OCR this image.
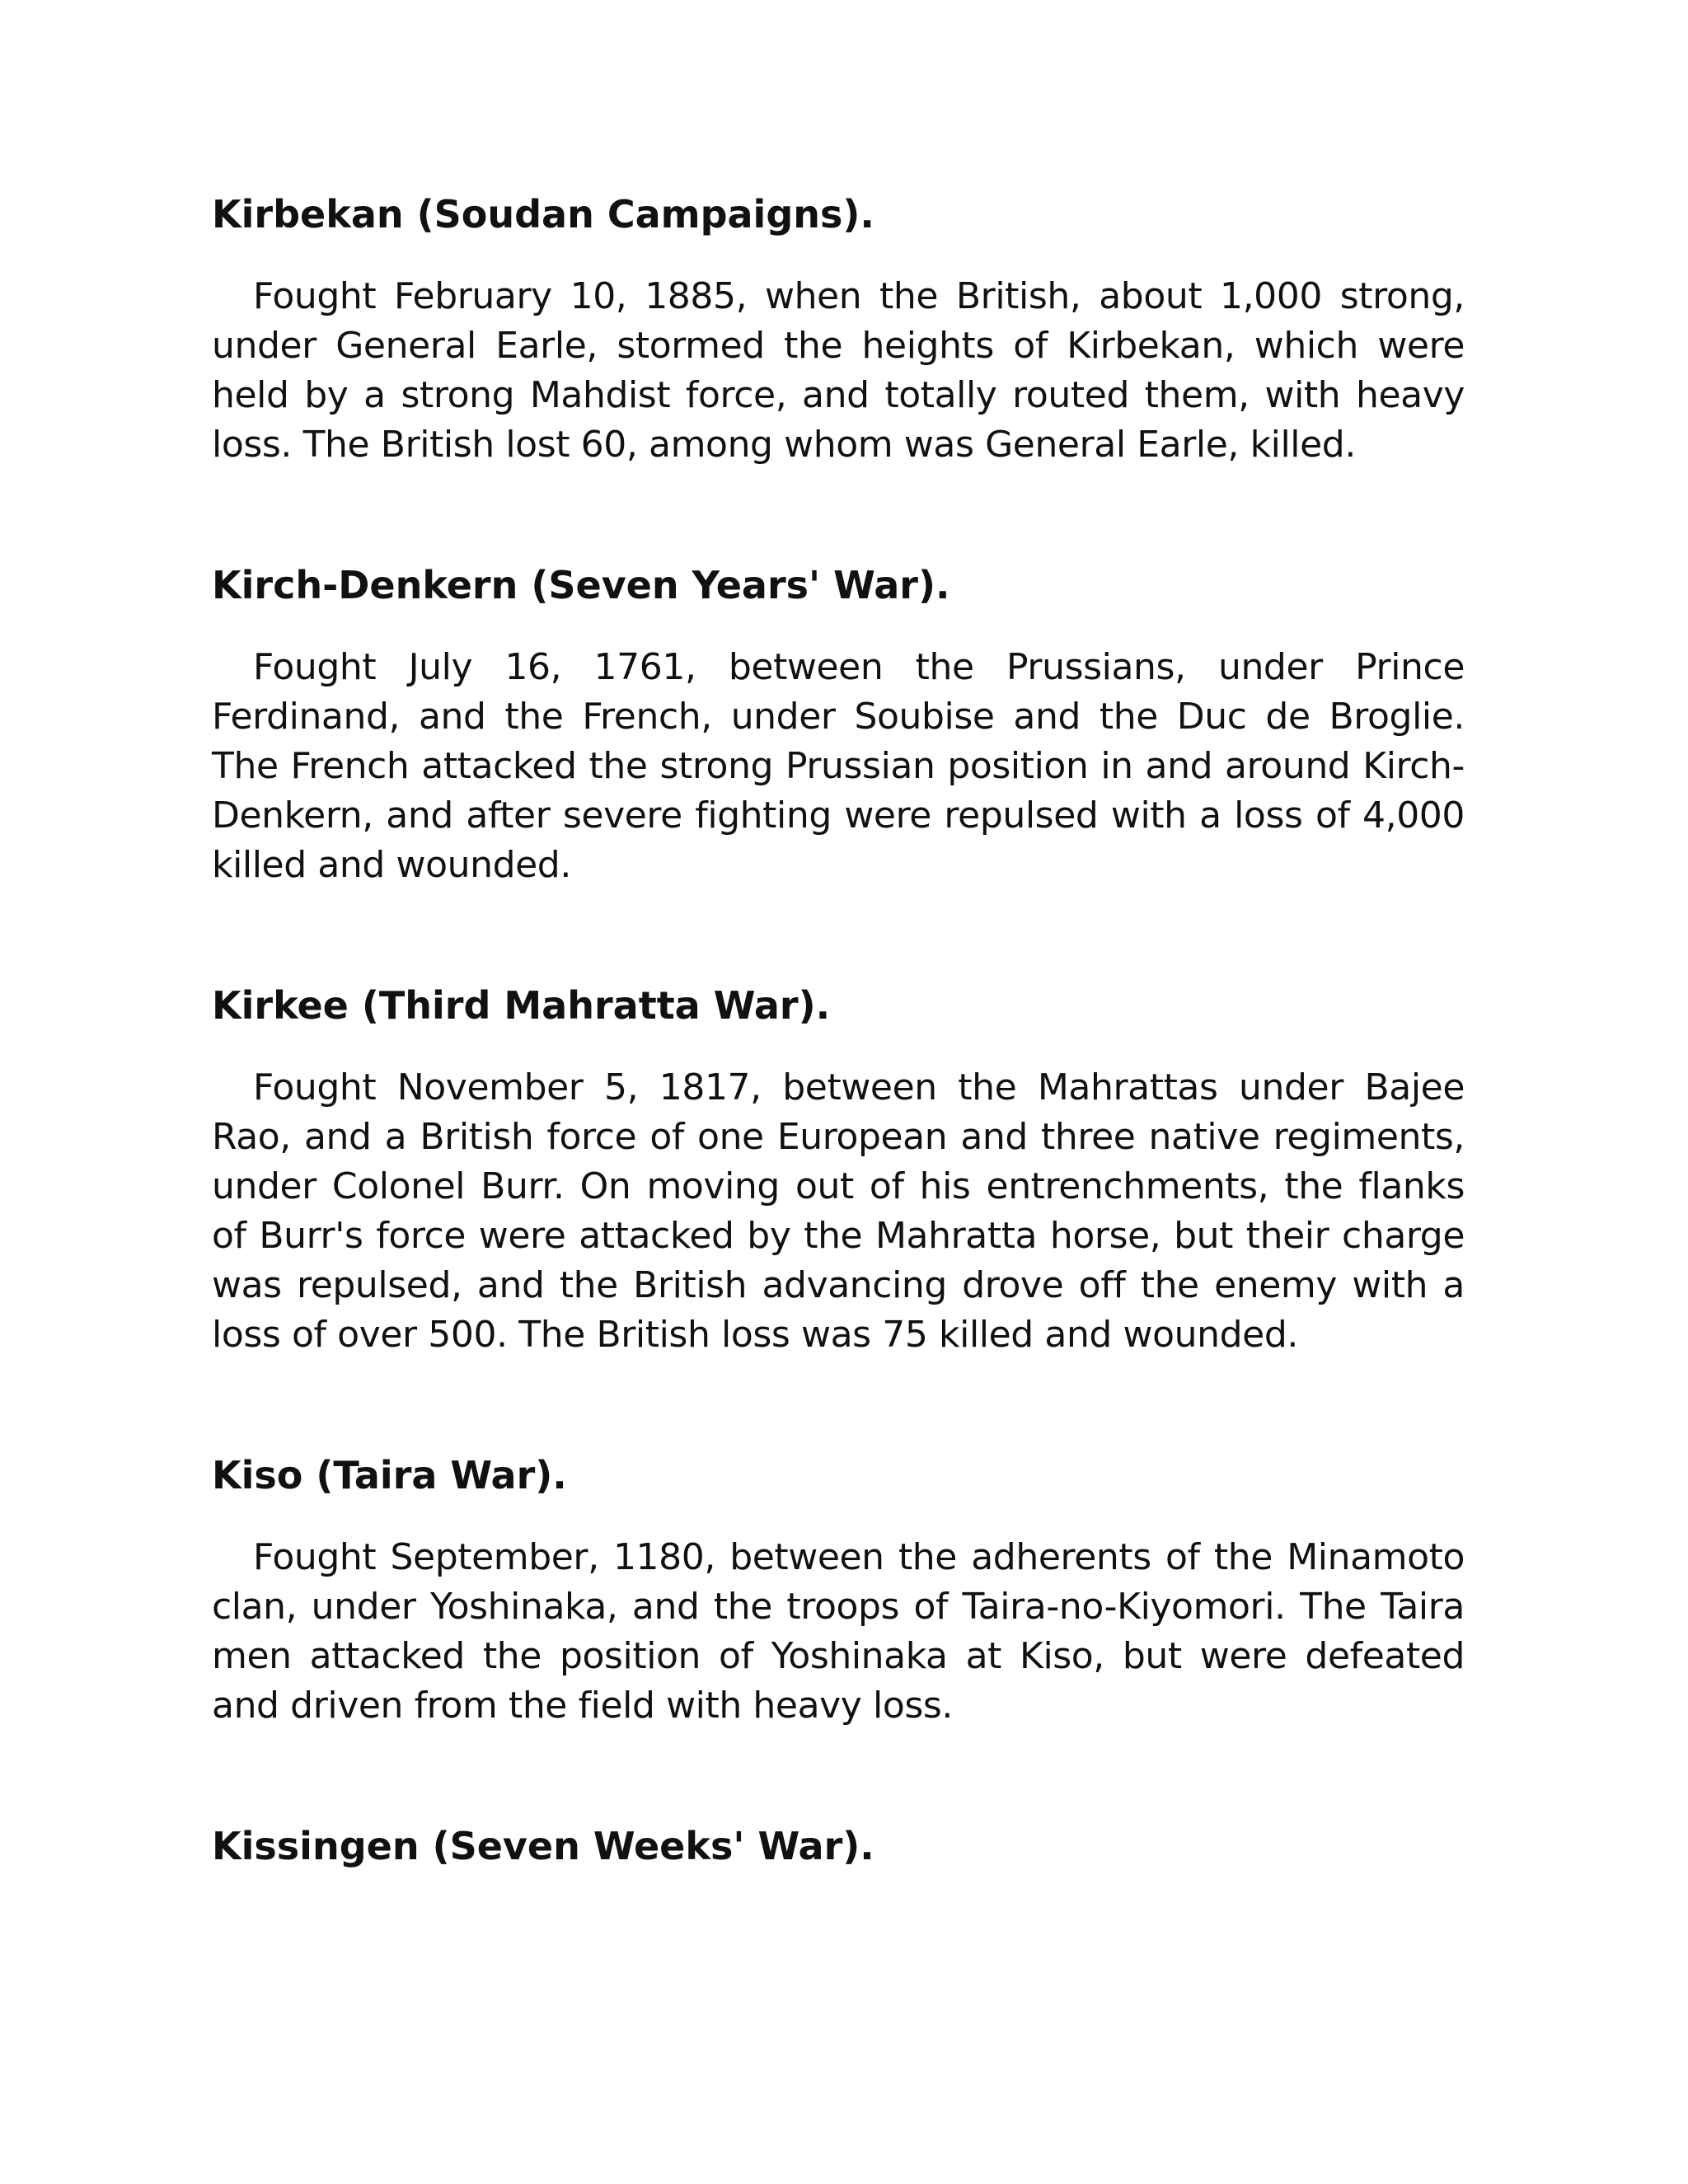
Kirbekan (Soudan Campaigns).

Fought February 10, 1885, when the British, about 1,000 strong, under General Earle, stormed the heights of Kirbekan, which were held by a strong Mahdist force, and totally routed them, with heavy loss. The British lost 60, among whom was General Earle, killed.

Kirch-Denkern (Seven Years' War).

Fought July 16, 1761, between the Prussians, under Prince Ferdinand, and the French, under Soubise and the Duc de Broglie. The French attacked the strong Prussian position in and around Kirch-Denkern, and after severe fighting were repulsed with a loss of 4,000 killed and wounded.

Kirkee (Third Mahratta War).

Fought November 5, 1817, between the Mahrattas under Bajee Rao, and a British force of one European and three native regiments, under Colonel Burr. On moving out of his entrenchments, the flanks of Burr's force were attacked by the Mahratta horse, but their charge was repulsed, and the British advancing drove off the enemy with a loss of over 500. The British loss was 75 killed and wounded.

Kiso (Taira War).

Fought September, 1180, between the adherents of the Minamoto clan, under Yoshinaka, and the troops of Taira-no-Kiyomori. The Taira men attacked the position of Yoshinaka at Kiso, but were defeated and driven from the field with heavy loss.

Kissingen (Seven Weeks' War).
